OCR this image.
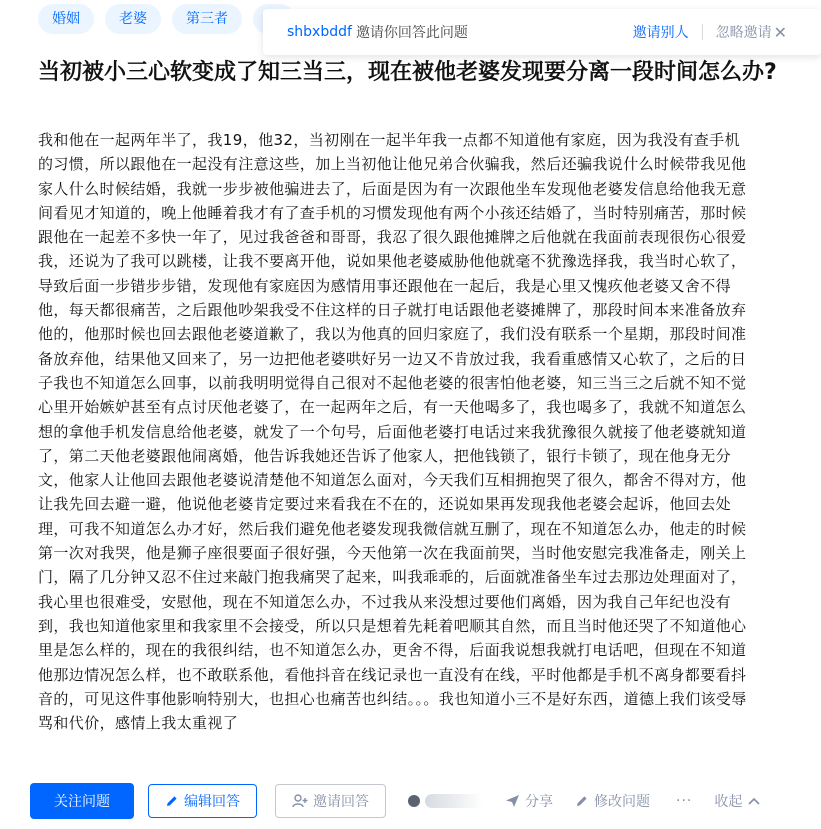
婚姻	老婆	第三者
shbxbddf 邀请你回答此问题	邀请别人 忽略邀请 ✕
当初被小三心软变成了知三当三，现在被他老婆发现要分离一段时间怎么办?
我和他在一起两年半了，我19，他32，当初刚在一起半年我一点都不知道他有家庭，因为我没有查手机的习惯，所以跟他在一起没有注意这些，加上当初他让他兄弟合伙骗我，然后还骗我说什么时候带我见他家人什么时候结婚，我就一步步被他骗进去了，后面是因为有一次跟他坐车发现他老婆发信息给他我无意间看见才知道的，晚上他睡着我才有了查手机的习惯发现他有两个小孩还结婚了，当时特别痛苦，那时候跟他在一起差不多快一年了，见过我爸爸和哥哥，我忍了很久跟他摊牌之后他就在我面前表现很伤心很爱我，还说为了我可以跳楼，让我不要离开他，说如果他老婆威胁他他就毫不犹豫选择我，我当时心软了，导致后面一步错步步错，发现他有家庭因为感情用事还跟他在一起后，我是心里又愧疚他老婆又舍不得他，每天都很痛苦，之后跟他吵架我受不住这样的日子就打电话跟他老婆摊牌了，那段时间本来准备放弃他的，他那时候也回去跟他老婆道歉了，我以为他真的回归家庭了，我们没有联系一个星期，那段时间准备放弃他，结果他又回来了，另一边把他老婆哄好另一边又不肯放过我，我看重感情又心软了，之后的日子我也不知道怎么回事，以前我明明觉得自己很对不起他老婆的很害怕他老婆，知三当三之后就不知不觉心里开始嫉妒甚至有点讨厌他老婆了，在一起两年之后，有一天他喝多了，我也喝多了，我就不知道怎么想的拿他手机发信息给他老婆，就发了一个句号，后面他老婆打电话过来我犹豫很久就接了他老婆就知道了，第二天他老婆跟他闹离婚，他告诉我她还告诉了他家人，把他钱锁了，银行卡锁了，现在他身无分文，他家人让他回去跟他老婆说清楚他不知道怎么面对，今天我们互相拥抱哭了很久，都舍不得对方，他让我先回去避一避，他说他老婆肯定要过来看我在不在的，还说如果再发现我他老婆会起诉，他回去处理，可我不知道怎么办才好，然后我们避免他老婆发现我微信就互删了，现在不知道怎么办，他走的时候第一次对我哭，他是狮子座很要面子很好强，今天他第一次在我面前哭，当时他安慰完我准备走，刚关上门，隔了几分钟又忍不住过来敲门抱我痛哭了起来，叫我乖乖的，后面就准备坐车过去那边处理面对了，我心里也很难受，安慰他，现在不知道怎么办，不过我从来没想过要他们离婚，因为我自己年纪也没有到，我也知道他家里和我家里不会接受，所以只是想着先耗着吧顺其自然，而且当时他还哭了不知道他心里是怎么样的，现在的我很纠结，也不知道怎么办，更舍不得，后面我说想我就打电话吧，但现在不知道他那边情况怎么样，也不敢联系他，看他抖音在线记录也一直没有在线，平时他都是手机不离身都要看抖音的，可见这件事他影响特别大，也担心也痛苦也纠结。。。我也知道小三不是好东西，道德上我们该受辱骂和代价，感情上我太重视了
关注问题	编辑回答	邀请回答	分享	修改问题 ··· 收起
